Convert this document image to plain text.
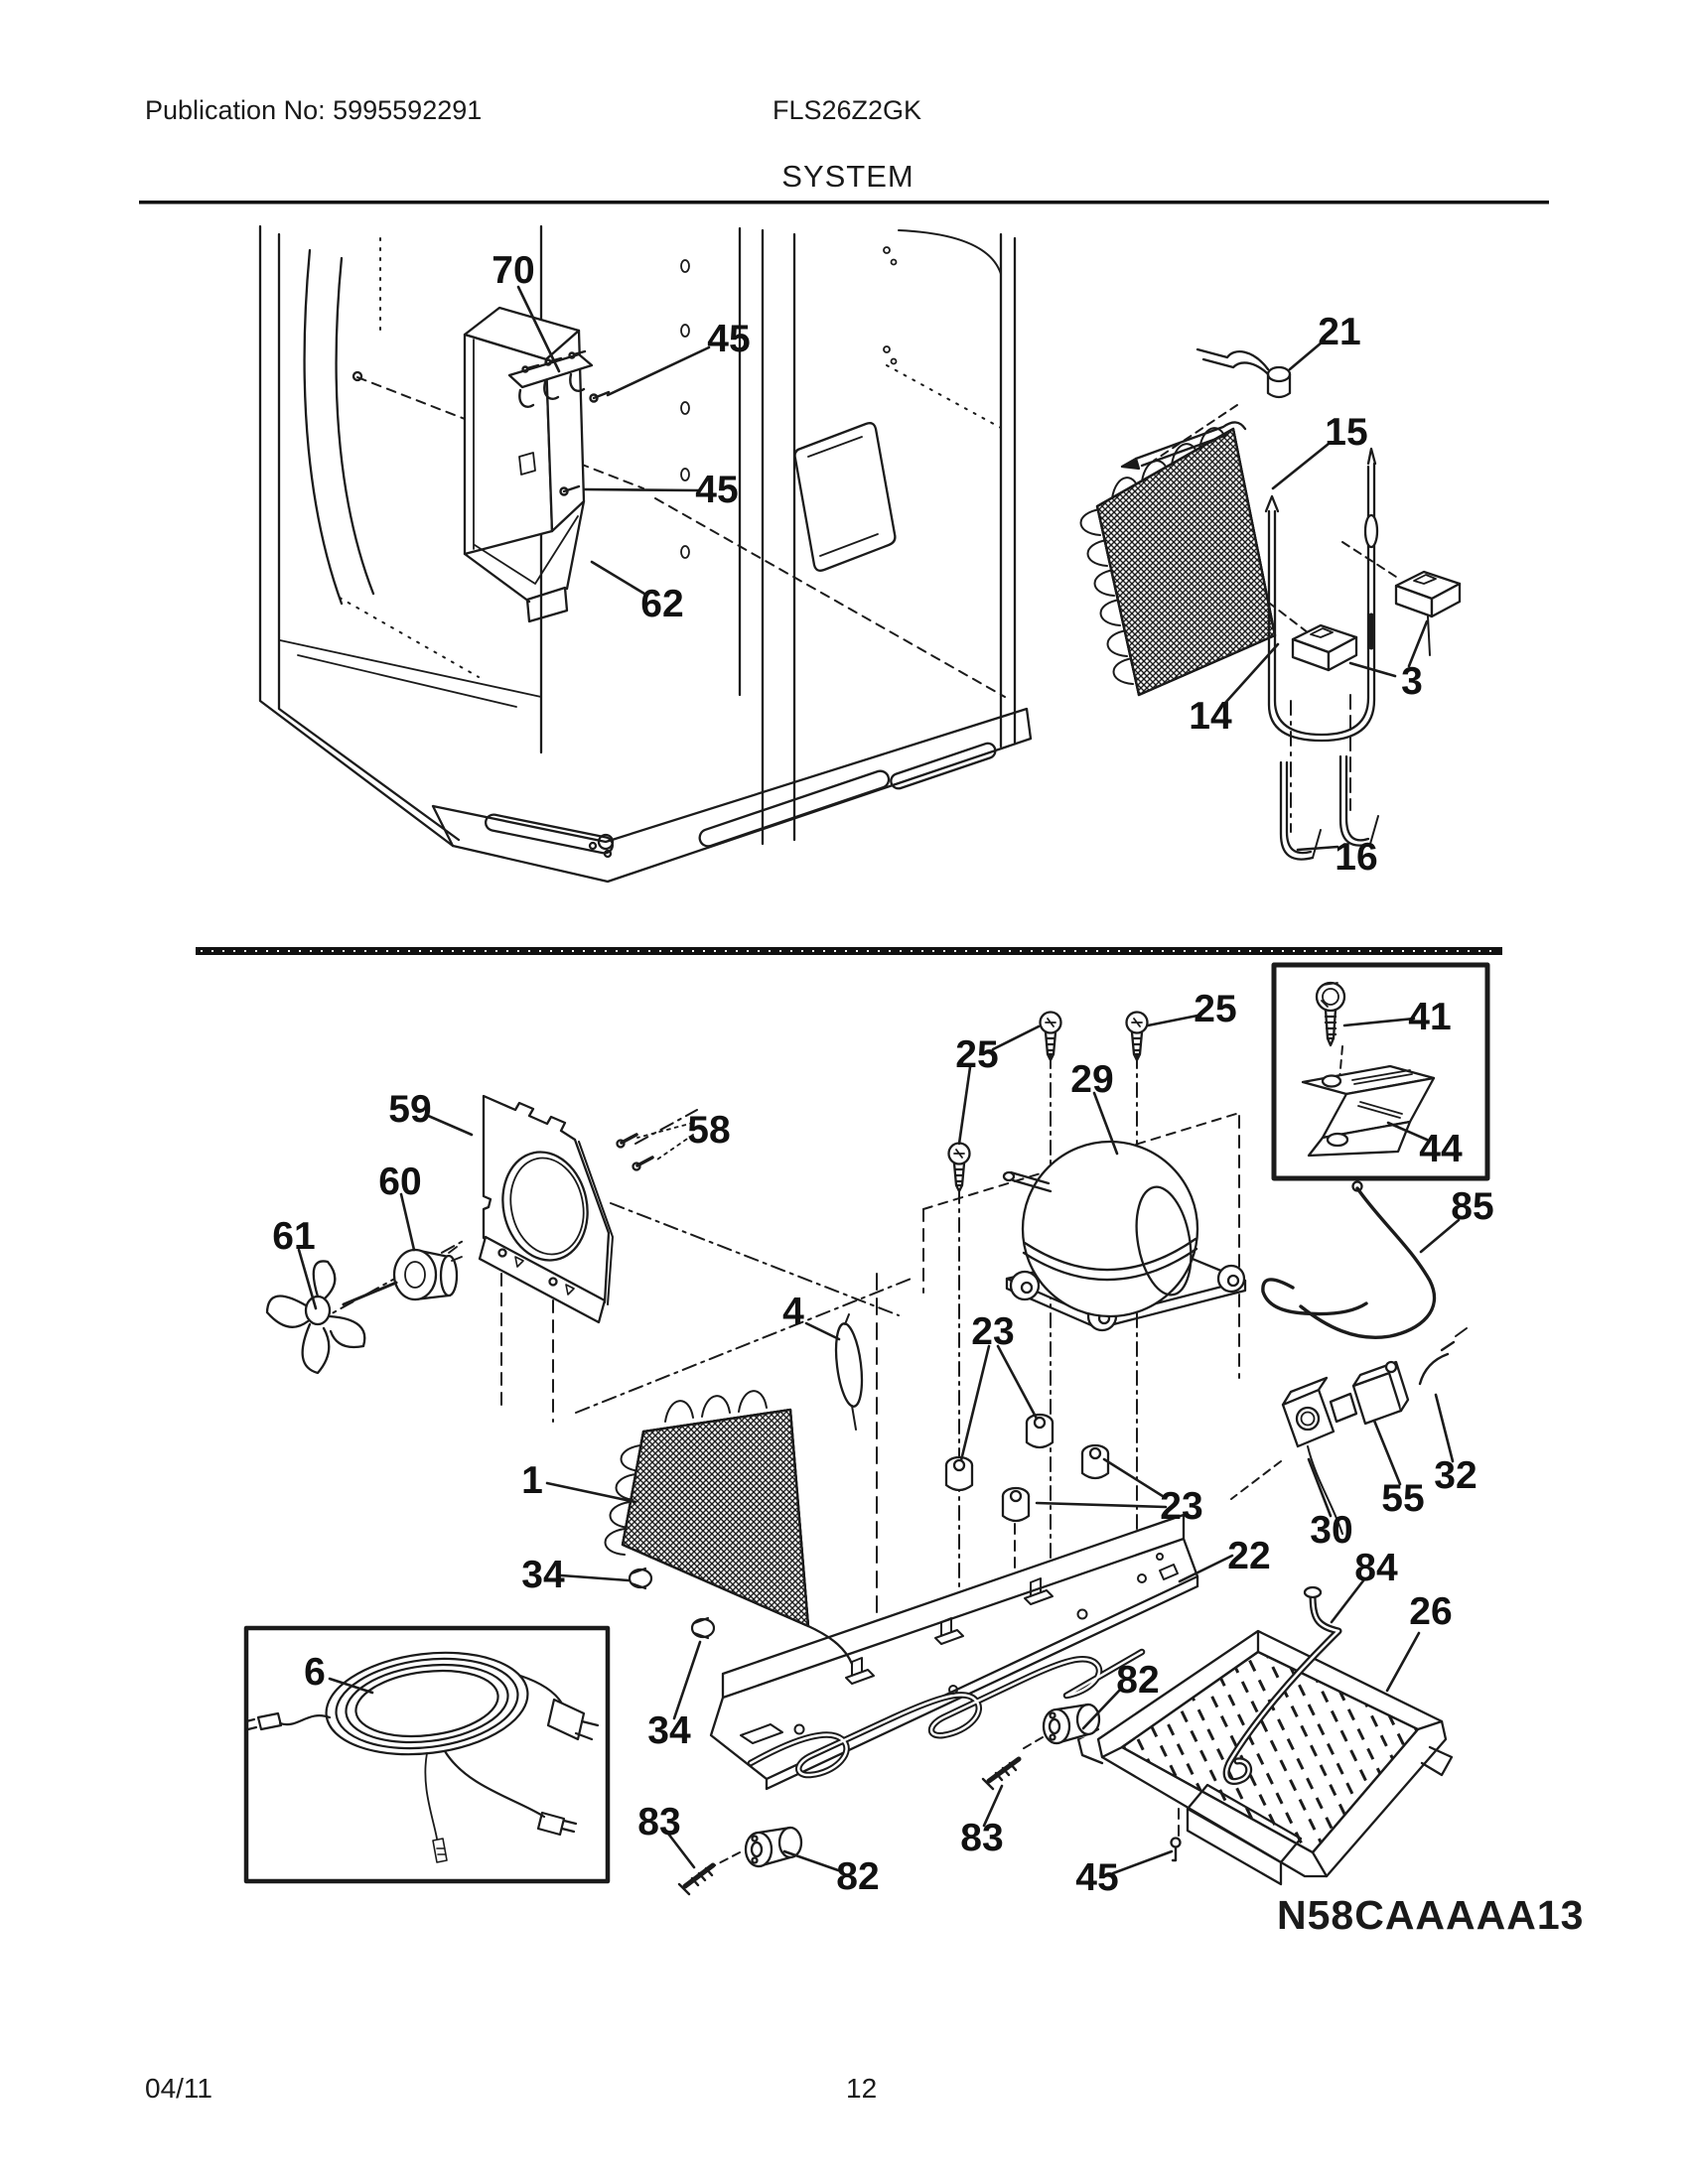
70
45
45
62
21
15
3
14
16
25
25
29
41
44
85
59	58
60
61
4	23
1
23
30
55
32
22 84
26
34
34
6	82
83
82
83
45
Publication No: 5995592291	FLS26Z2GK
SYSTEM
N58CAAAAA13
04/11	12
